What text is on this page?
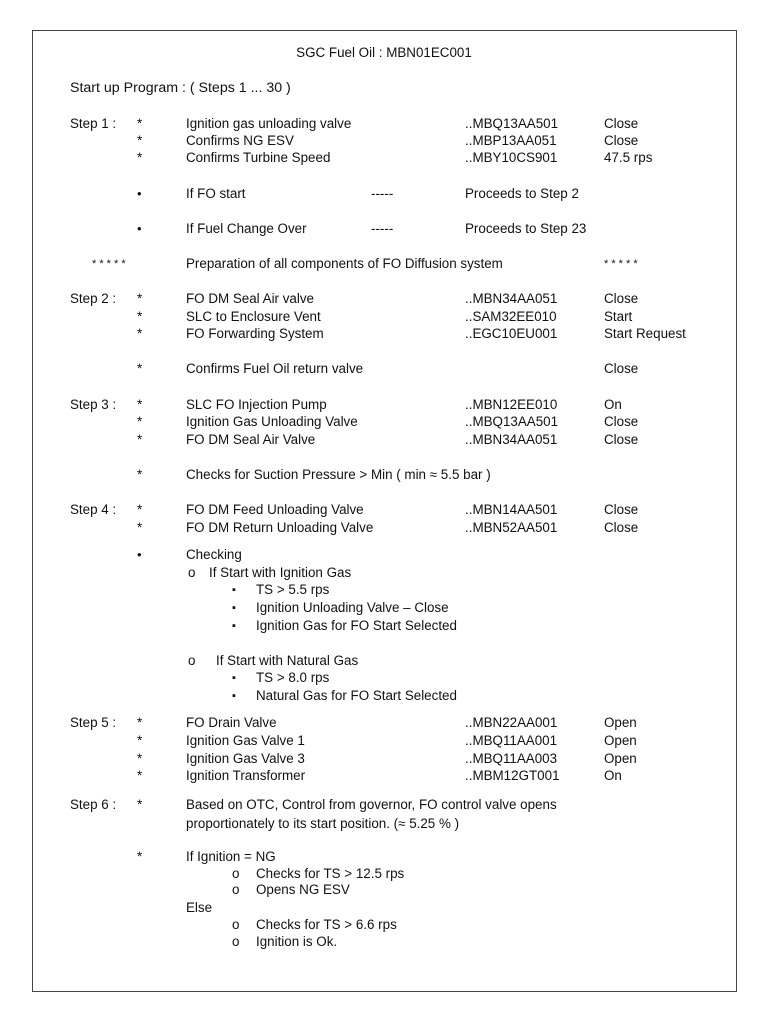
SGC Fuel Oil : MBN01EC001
Start up Program : ( Steps 1 ... 30 )
Step 1 : *	Ignition gas unloading valve	..MBQ13AA501	Close
*	Confirms NG ESV	..MBP13AA051	Close
*	Confirms Turbine Speed	..MBY10CS901	47.5 rps
•	If FO start	-----	Proceeds to Step 2
•	If Fuel Change Over	-----	Proceeds to Step 23
* * * * *	Preparation of all components of FO Diffusion system	* * * * *
Step 2 : *	FO DM Seal Air valve	..MBN34AA051	Close
*	SLC to Enclosure Vent	..SAM32EE010	Start
*	FO Forwarding System	..EGC10EU001	Start Request
*	Confirms Fuel Oil return valve	Close
Step 3 : *	SLC FO Injection Pump	..MBN12EE010	On
*	Ignition Gas Unloading Valve	..MBQ13AA501	Close
*	FO DM Seal Air Valve	..MBN34AA051	Close
*	Checks for Suction Pressure > Min ( min ≈ 5.5 bar )
Step 4 : *	FO DM Feed Unloading Valve	..MBN14AA501	Close
*	FO DM Return Unloading Valve	..MBN52AA501	Close
•	Checking
o If Start with Ignition Gas
▪ TS > 5.5 rps
▪ Ignition Unloading Valve – Close
▪ Ignition Gas for FO Start Selected
o If Start with Natural Gas
▪ TS > 8.0 rps
▪ Natural Gas for FO Start Selected
Step 5 : *	FO Drain Valve	..MBN22AA001	Open
*	Ignition Gas Valve 1	..MBQ11AA001	Open
*	Ignition Gas Valve 3	..MBQ11AA003	Open
*	Ignition Transformer	..MBM12GT001	On
Step 6 : *	Based on OTC, Control from governor, FO control valve opens
proportionately to its start position. (≈ 5.25 % )
*	If Ignition = NG
o Checks for TS > 12.5 rps
o Opens NG ESV
Else
o Checks for TS > 6.6 rps
o Ignition is Ok.
